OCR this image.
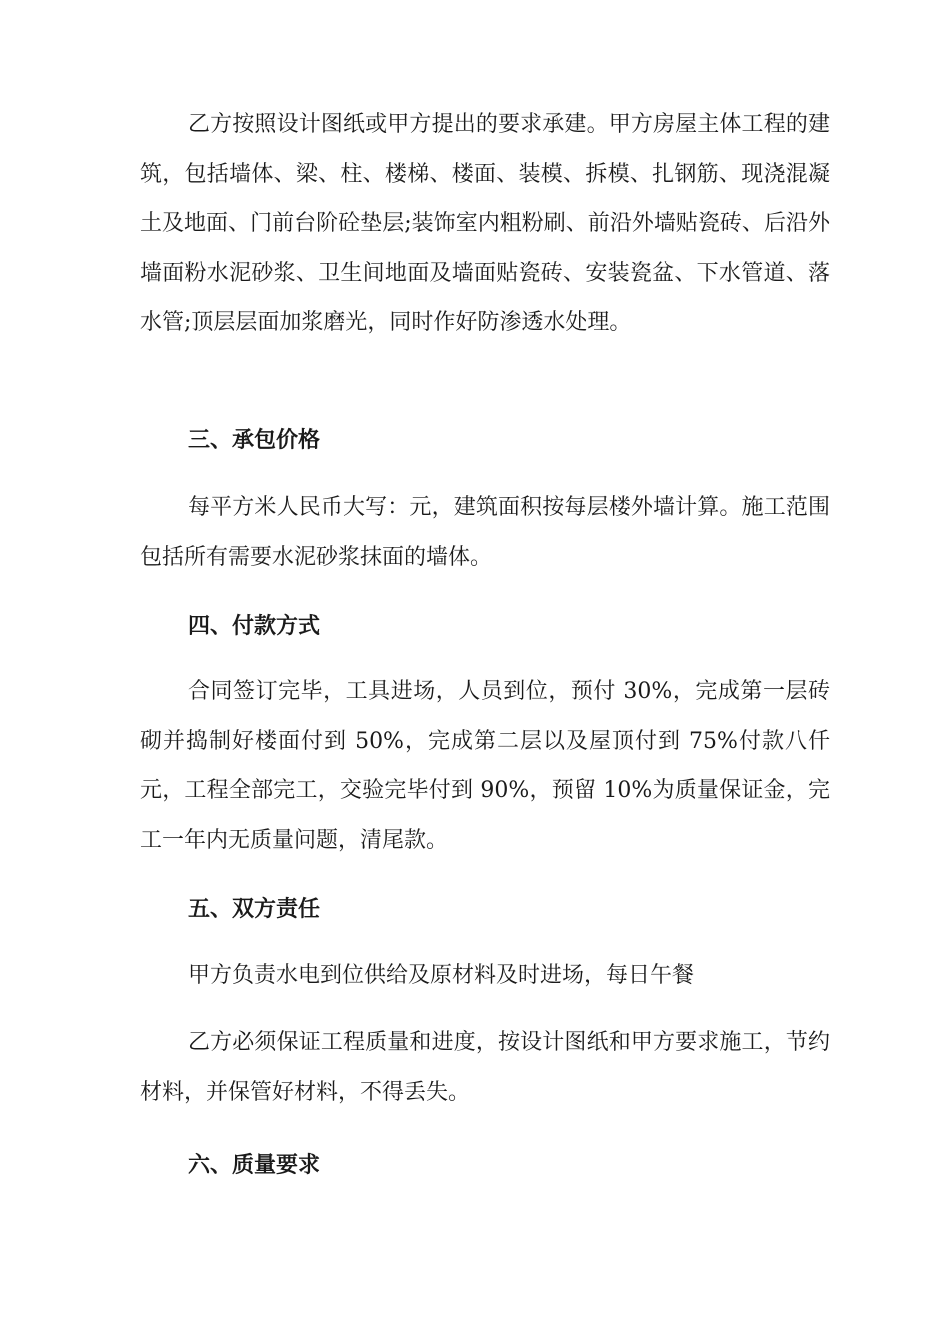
乙方按照设计图纸或甲方提出的要求承建。甲方房屋主体工程的建筑，包括墙体、梁、柱、楼梯、楼面、装模、拆模、扎钢筋、现浇混凝土及地面、门前台阶砼垫层;装饰室内粗粉刷、前沿外墙贴瓷砖、后沿外墙面粉水泥砂浆、卫生间地面及墙面贴瓷砖、安装瓷盆、下水管道、落水管;顶层层面加浆磨光，同时作好防渗透水处理。

三、承包价格

每平方米人民币大写：元，建筑面积按每层楼外墙计算。施工范围包括所有需要水泥砂浆抹面的墙体。

四、付款方式

合同签订完毕，工具进场，人员到位，预付 30%，完成第一层砖砌并捣制好楼面付到 50%，完成第二层以及屋顶付到 75%付款八仟元，工程全部完工，交验完毕付到 90%，预留 10%为质量保证金，完工一年内无质量问题，清尾款。

五、双方责任

甲方负责水电到位供给及原材料及时进场，每日午餐

乙方必须保证工程质量和进度，按设计图纸和甲方要求施工，节约材料，并保管好材料，不得丢失。

六、质量要求
